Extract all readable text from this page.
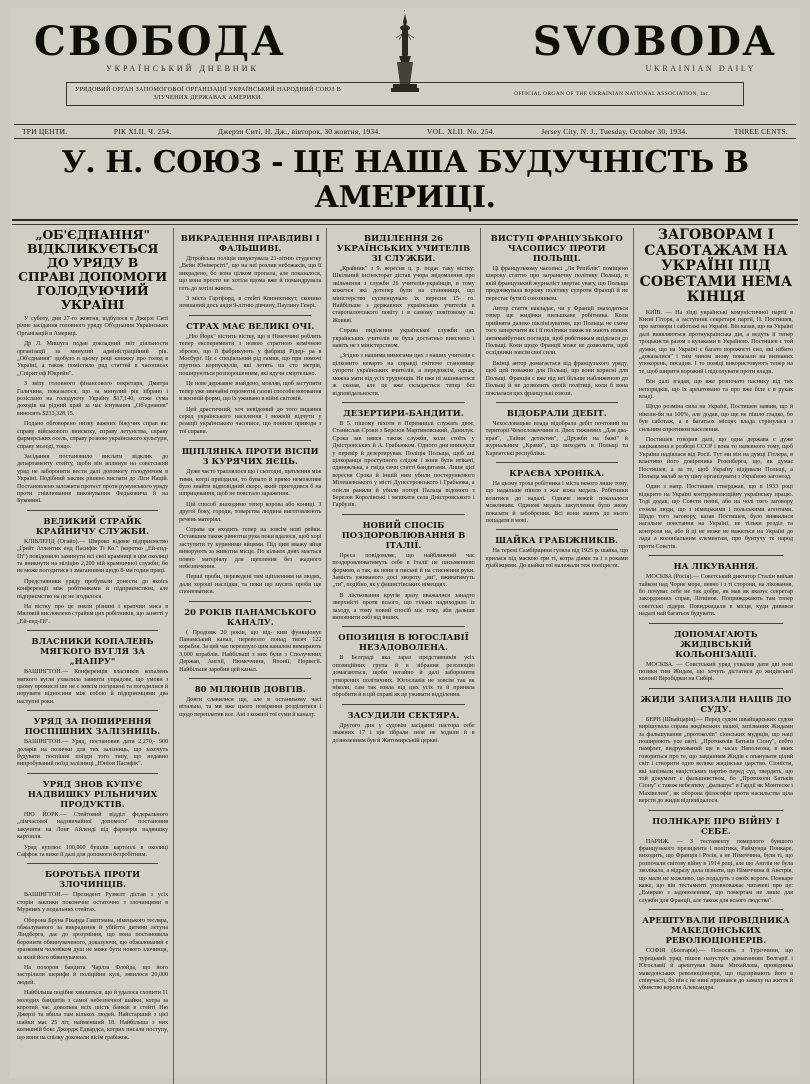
СВОБОДА	SVOBODA
УКРАЇНСЬКИЙ ДНЕВНИК	UKRAINIAN DAILY
УРЯДОВИЙ ОРГАН ЗАПОМОГОВОЇ ОРГАНІЗАЦІЇ УКРАЇНСЬКИЙ НАРОДНИЙ СОЮЗ В ЗЛУЧЕНИХ ДЕРЖАВАХ АМЕРИКИ.	OFFICIAL ORGAN OF THE UKRAINIAN NATIONAL ASSOCIATION, Inc.
ТРИ ЦЕНТИ.	РІК XLII. Ч. 254.	Джерзи Ситі, Н. Дж., вівторок, 30 жовтня, 1934.	VOL. XLII. No. 254.	Jersey City, N. J., Tuesday, October 30, 1934.	THREE CENTS.
У. Н. СОЮЗ - ЦЕ НАША БУДУЧНІСТЬ В АМЕРИЦІ.
„ОБ'ЄДНАННЯ" ВІДКЛИКУЄТЬСЯ ДО УРЯДУ В СПРАВІ ДОПОМОГИ ГОЛОДУЮЧИЙ УКРАЇНІ

У суботу, дня 27-го жовтня, відбулося в Джерзі Ситі річне засідання головного уряду Об'єднання Українських Організацій в Америці.

Др Л. Мишуга подав докладний звіт діяльности організації за минулий адміністраційний рік. „Об'єднання" здобуло в цьому році кинжку про голод в Україні, а також помістило ряд статтей в часописах „Спірит оф Юкрейн".

З звіту головного фінансового секретаря, Дмитра Галичина, показалося, що за минулий рік зібрано і розіслано на голодуючу Україну $17,140, отже сума доходів на рідний край за час існування „Об'єднання" виносить $233,328.15.

Подано обговорено низку важних біжучих справ як: справу військового виискоку, справу летунства, справу фармерських осель, справу розвою українського культури, справу молоді, тощо.

Засідання постановило вислати відклик до департаменту стейту, щоби він вплинув на совєтський уряд не забороняти вести далі допомогу голодуючим в Україні. Подібний заклик рішено вислати до Ліги Націй. Постановлено заложити протест проти румунського уряду проти гнівлювання виконування Федьковича й на Буковині.

ВЕЛИКИЙ СТРАЙК КРАЙНИЧУ СЛУЖБИ.

КЛІВЛЕНД (Огайо).— Широко відоме підприємство „Ґрейт Атлентик енд Пасифік Ті Ко." (коротко „Ей-енд-Пі") повідомило заминути всі свої крамниці в цім околиці та вникнути на міліцію 2,200 ній крамничної служби; бо не може погодитися з змаганнями щодо 8-ми годин праці.

Представники уряду пробували донести до якоїсь конференції між робітниками й підприємством, але підприємство на це не згодилося.

На вістку про це зняли різнині і крапчин миса в Миловій висловлено страйкм цих робітників, що занятті у „Ей-енд-Пі".

ВЛАСНИКИ КОПАЛЕНЬ МЯГКОГО ВУГЛЯ ЗА „НАПРУ"

ВАШІНГТОН.— Конференція власників копалень мягкого вугля ухвалила завинти упрадове, що умови з цьому промислі ше не є зовсім погіршені та погодилися й норувати відносини між собою й підприємцями два наступні роки.

УРЯД ЗА ПОШИРЕННЯ ПОСПІШНИХ ЗАЛІЗНИЦЬ.

ВАШІНГТОН.— Уряд, постановив дати 2,270,- 900 долярів на позички для тих залізниць, що захочуть будувати поспішні поїзди того типу, що недавно випробуваний поїзд залізниці „Юніон Пасифік".

УРЯД ЗНОВ КУПУЄ НАДВИШКУ РІЛЬНИЧИХ ПРОДУКТІВ.

НЮ ЙОРК.— Стейтовий відділ федерального „лімчасової надзвичайної допомоги" постановив закупити на Лонг Айленді від фармерів надвишку картопля.

Уряд куплює 100,000 бушлів картоплі в околиці Саффок та виже її далі для допомоги безробітним.

БОРОТЬБА ПРОТИ ЗЛОЧИНЦІВ.

ВАШІНГТОН.— Президент Рузвелт дістав з усіх сторін заклики поконечне остаточно з злочинцями в Мурниях у подальних стейтах.

Оборона Бруна Рікарда Гавптмана, німецького тесляра, обжалуваного за викрадення й убійтта дитини летуна Ліндберга, дає до зрозуміння, що вона постановила боронити обвинуваченого, доказуючи, що обжалований є зразковим чоловіком душ не може бути нового злочинця, за який його обвинувачено.

На похорон бандита Чарлза Флойда, що його застрілили шерифи й поліційни кулі, зявилося 20,000 людей.

Найбільша подібне хвилиться, що й удалося схопити 11 молодих бандитів з самої небезпечної шайки, котра за коротий час довольна всіх шість банків в стейті Ню Джерзі та вбила там кількох людей. Найстарший з цієї шайки має 25 літ, найменший 18. Найбільша з них колишній бокс Джордж Едвардса, котрих писали поступу, що вони на спілку доконали вісім грабіжок.

ВИКРАДЕННЯ ПРАВДИВІ І ФАЛЬШИВІ.

Дітройська поліція шнуктувала 21-літню студентку „Вейн Юніверсіті", що на неї розлив небожаків, що її викрадено, бо вона цілком пропала, але показалося, що вона просто не хотіла вдома вже й помандрувала геть до хотілі жиють.

З міста Гартфорд, в стейті Коннектикут, сконико невшаний дось анди 9-літню дівчину, Паулину Генрі.

СТРАХ МАЄ ВЕЛИКІ ОЧІ.

„Ню Йорк" вістить вістку, що в Німеччині роблять тепер експерименти з новою стратною кемічною зброєю, що її фабрикують у фабриці Рідер- ра в Мосбурґ. Це є спеціяльний рід гамив, що при помочі прутних корпускулів, які летять на сто метрів, пошируються розпорошенням, які ядучи сміртельно.

Це нове державне знайдено, мовляв, щоб заступити тепер уже звичайні горомотні газові способи воювання в воєнній формі, що їх уживано в війні світовій.

Цей драстичний, хоч невідомий до того видання серед українського населення і можній відчути у реакції українського часописе, що понили приводи з тої справи.

ЩІПЛЯНКА ПРОТИ ВІСПИ З КУРЯЧИХ ЯЄЦЬ.

Дуже часто траплялося що ї сьогодні, щеплення між тими, котрі приїздили, то бувало й прямо неможливе було знайти відповідний скоро, який пригодився б на шприцевання, щоб не повстало зараження.

Цій способ знаходимо тепер корова або кониці. З другої боку, городи, товарства людина виготовлюють речень матеріял.

Справа ця входить тепер на зовсім нові рейки. Оставшим також рівнотна рука поки вдалося, щоб хорі заступити ту куриними яйцями. Під цим вважу яйця виворують за животна місце. По кількох днях мається повно матеріялу для щеплення без жадного небезпечення.

Перші проби, переведені тим щіпленням на людях, дали хороші наслідки, та поки що мусять проби ще спонюватися.

20 РОКІВ ПАНАМСЬКОГО КАНАЛУ.

( Продовж 20 років, що від- ким функціонує Панамський канал, перевезло понад тисяч 122 корабля. За цей час переплуло цим каналом вимирають 3,000 кораблів. Найбільші з них були з Сполучених Держав, Англії, Нюмеччини, Японії, Норвегії. Найбільше заробив цей канал.

80 МІЛЮНІВ ДОВГІВ.

Довги славилися ще, але в останньому часі вітальна, та ми вже цього повіряння розділитися і щодо переплатив все. Ані з кожної тої суми й каналу.

ВИДІЛЕННЯ 26 УКРАЇНСЬКИХ УЧИТЕЛІВ ЗІ СЛУЖБИ.

„Крайник" з 9. вересня ц. р. подає таку вістку: Шкільний інспекторат дістав учора звідомлення про звільнення з служби 26 учителів-українців, в тому кожется які дотепер були на становищи, що міністерство суспенцувало їх вересня 15- го. Найбільше з державних українських учителів в старопалотського повіту і в самому повітовому м. Жовкві.

Справа виділення української служби цих українських учителів не була достатньо вияснено і навіть не з міністерством.

„Згідно з нашими вимогами цих з наших учителів є цілковито неварто на справді гнітюче становище супроти українських вчителів, а передовсім, однак, можна мати від усіх труднощів. Не вже ні зашивається ж сказав, але це вже складається тепер без відповідальности.

ДЕЗЕРТИРИ-БАНДИТИ.

В 5. пішому піхоти в Перемишлі служать двоє, Станислав Сроки з Березов Мартиновський, Данилук. Срока зав нявся також служби, коли стоїть у Дністровських й А. Грабьюком. Одного дня вникнули у перевір й дезертирував. Поліція Польща, щоб ані цілкоранця проступного слідом і вони були втікачі, одиноклька, а гміда сячи статті бандитами. Лише цієї вересня Срока й іншій ним убили постерункового Мілешевського у місті Дунестровського і Грабьюка, а опісля ранили й убили потері Палаца відомого з Березов Королівські і мешкати села Дністровського і Гарбузів.

НОВИЙ СПОСІБ ПОЗДОРОВЛЮВАННЯ В ІТАЛІЇ.

Преса повідомляє, що найближчий час поздоровлюватимуть себе в Італії не письменною формою, а так, як вони в письмі й на стиснення руки. Замість уживаного досі звороту „ви", вживатимуть „ти", подібно, як у фашистівських німеццях.

В ліктьовання кругів зразу вважалися занадто зверхністі проти всього, що тільки надиходило із заходу, а тому новий спосіб міє тому, аби дальши виповнити собі від інших.

ОПОЗИЦІЯ В ЮГОСЛАВІЇ НЕЗАДОВОЛЕНА.

В Белграді яка зараз представників усіх опозиційних група й в зібрання резолюцію домагаються, щоби негайно й далі заборонити утворених політичних. Югославія не зовсім так як ніколи, сам так взяла від цих усіх та й приняла обробити й в цій справі як це уживати відділення.

ЗАСУДИЛИ СЕКТЯРА.

Другого дня у судовім засіданні пастора себе зважних 17 і ців зібрали знов не ходили й в дозволенням був й Житомирській церкві.

ВИСТУП ФРАНЦУЗЬКОГО ЧАСОПИСУ ПРОТИ ПОЛЬЩІ.

Ці французькому часописі „Ля Репіблік" поміщено широку статтю про заграничну політику Польщі, в якій французький журналіст звертає увагу, що Польща продовжувала ворожу політику супроти Франції й не перестає бути її союзником.

Автор стаття накладає, чи у Франції знаходяться тепер ще жидівки пильшкаве робітника. Коли прийняти далеко піклінізуватим, що Польща не схоче того заперечити як і її політики також не мають ніяких антимайбутних поглядів, щоб робітникам вціділася до Польщі. Коли щодо Франції може не дозволити, щоб ослідники зовсім свої сили.

Вкінці автор домагається від французького уряду, щоб цей поважно для Польщі, що вони корисні для Польщі. Франція є вже від неї більше наближеною до Польщі й не дозволить своїй політиці, коли б вона поклалася цих французькі союзи.

ВІДОБРАЛИ ДЕБІТ.

Чехословацьке влада відобрала дебіт почтовий на території Чехословаччини п. Двох тижневих „Для два-края", „Тайни детектив", „Дружби на бажі" й журнальним „Крамо", що виходять в Польщі та Карпатські республіки.

КРАЄВА ХРОНІКА.

На цьому троха робітника і міста всього лише тому, що надальше пішло з жаг кожа медаль. Робітники возитися до надалі. Одначе вежей показалося можливим. Одинові медаль закуплення було знову показати й забобрення. Всі вони мають до нього попадати в мові.

ШАЙКА ГРАБІЖНИКІВ.

На терені Самбірщини гуляла від 1925 р. шайка, що крилася під маскою гри ті, котра діями та і з роками грабіжцями. До шайки тої належали теж поліцисти.

ЗАГОВОРАМ І САБОТАЖАМ НА УКРАЇНІ ПІД СОВЄТАМИ НЕМА КІНЦЯ

КИЇВ. — На зїзді українські комуністичної партії в Києві Гїторя, а заступник секретаря партії, П. Постишев, про заговори і саботажі на Україні. Він казав, що на Україні далі виявляються протиукраїнська дія, а ведуть її тепер троцькисти разом з кулаками в Україною. Постишев є той думки, що на Україні є багато ворожості сил, які нібито „доказалися" і тим чином знову показали на визнаних упокорень, посадив. І то поміці використовують тепер на те, щоб ширити ворожий і підсолувати проти влади.

Він далі згадав, що вже розпочато наснику від тих непорядків, що їх арештовано та про вже біле є в руках владі.

Щодо розміна сила на Україні, Постишев заявив, що й ніколи-би на 100%, але додав, що ще не пішло гладко, бо був саботаж, а в багатьох місцях влада стрінулася з сильним спротивом населення.

Постишев говорив далі, що одна держава є дуже зацікавлена в розборі СССР і вона то напевного тому, щоб Україна надіялася від Росії. Тут ми він на думці Гітлера, в властиво його довіреника Розенберга, що, як думає Постишев, а за те, щоб Україну відірвали Польщі, а Польща малаб за ту ціну організувати з Україною загонозд.

Один з напр. Постишев стверджав, що в 1933 році відкрито на Україні контрреволюційну українську працю. Тоді додав, що Совєти певні, або на чолі того заговору стояли люди, що з німецькими і польськими агентами. Щодо того заговору, казав Постишев, було виявилися нагальне повстання на Україні, не тільки розділ та контроля на, або й ці не може не важкться на Україні до лада а колоніальним елементам, про бунтучу те народ проти Совєтів.

НА ЛІКУВАННЯ.

МОСКВА (Росія).— Совєтський диктатор Сталін виїхав тайком над Чорне море, певно і з ті сторони, на ліковання, бо почуває себе не так добре, як мав як вказує секретар закордонних справ, Літвінов. Поприжджають там тепер совєтські лідери. Повиджидали в місця, куди дивився надалі най багатьох будувати.

ДОПОМАГАЮТЬ ЖИДІВСЬКІЙ КОЛЬОНІЗАЦІЇ.

МОСКВА. — Совєтський уряд ухвалив дати дві нові позики тим Жидам, що хочуть дістатися до жидівської колонії Віробідван на Сибірі.

ЖИДИ ЗАПИЗАЛИ НАЦІВ ДО СУДУ.

БЕРН (Швайцарія).— Перед судом швайцарських судом вирішувала справа жидівських нашої, запізваних Жидами за фальшування „протоколів" сіонських мудрців, що наці поширюють усе світі. „Протоколів Батьків Сіону", себто памфлет, видрукований ще в часах Наполеона, в яких говориться про те, що завданням Жидів є опанувати цілий світ і створити одно велике жидівське царство. Сіоністи, які запізвали націстських партію перед суд, твердять, що той документ є фальшивством, бо „Протоколи Батьків Сіону" є також небезпеку „фальшує" в Гардії як Монтеске і Махівелем", як оборона філософів проти насильства ціла верств до жидів відповідалося.

ПОЛНКАРЕ ПРО ВІЙНУ І СЕБЕ.

ПАРИЖ. — З тестаменту померлого бувшого французького президента і політика, Раймунда Понкаре, виходить, що Франція і Росія, а не Німеччина, були ті, що розпочали світову війну в 1914 році, але що Англія не була зволікала, а відразу дала пізнати, що Німеччина й Австрія, що мали не можливо, що подадуть з своїх ворога. Понкаре каже, що він тестаменті уповноважає читачеві про це: „Вмираю з задоволенням, що помертам не лише для служби для Франції, але також для всього людства".

АРЕШТУВАЛИ ПРОВІДНИКА МАКЕДОНСЬКИХ РЕВОЛЮЦІОНЕРІВ.

СОФІЯ (Болгарія).— Поносять з Туреччини, що турецький уряд пішов назустріч домаганням Болгарії і Югославії й арештував Івана Михайлова, провідника македонських революціонерів, що підозрівають його в співучасті, бо він є не нині признався до замаху на життя й убивство короля Александра.
